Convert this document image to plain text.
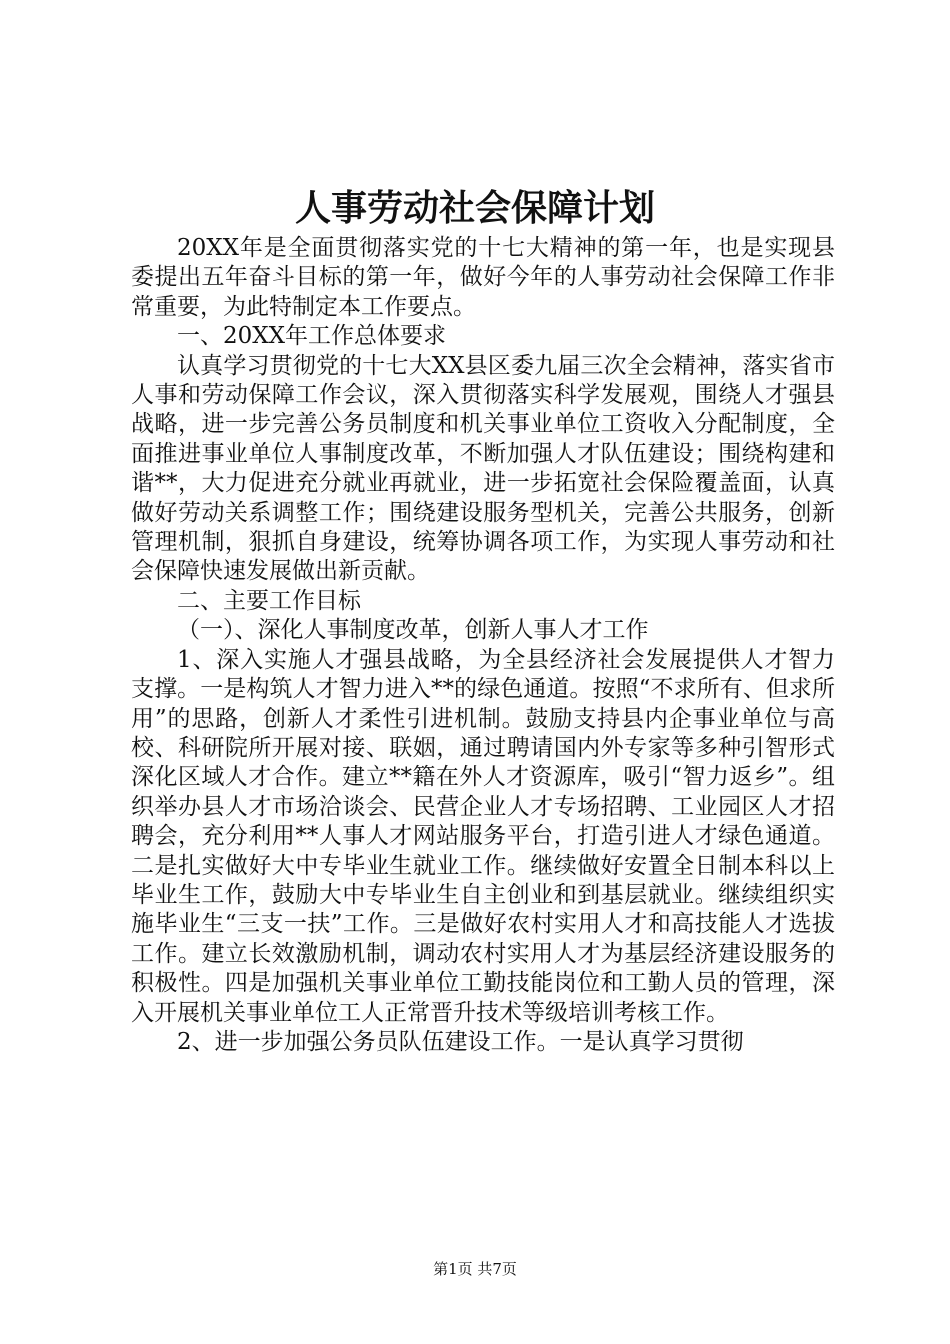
人事劳动社会保障计划

20XX年是全面贯彻落实党的十七大精神的第一年，也是实现县委提出五年奋斗目标的第一年，做好今年的人事劳动社会保障工作非常重要，为此特制定本工作要点。

一、20XX年工作总体要求

认真学习贯彻党的十七大XX县区委九届三次全会精神，落实省市人事和劳动保障工作会议，深入贯彻落实科学发展观，围绕人才强县战略，进一步完善公务员制度和机关事业单位工资收入分配制度，全面推进事业单位人事制度改革，不断加强人才队伍建设；围绕构建和谐**，大力促进充分就业再就业，进一步拓宽社会保险覆盖面，认真做好劳动关系调整工作；围绕建设服务型机关，完善公共服务，创新管理机制，狠抓自身建设，统筹协调各项工作，为实现人事劳动和社会保障快速发展做出新贡献。

二、主要工作目标

（一）、深化人事制度改革，创新人事人才工作

1、深入实施人才强县战略，为全县经济社会发展提供人才智力支撑。一是构筑人才智力进入**的绿色通道。按照“不求所有、但求所用”的思路，创新人才柔性引进机制。鼓励支持县内企事业单位与高校、科研院所开展对接、联姻，通过聘请国内外专家等多种引智形式深化区域人才合作。建立**籍在外人才资源库，吸引“智力返乡”。组织举办县人才市场洽谈会、民营企业人才专场招聘、工业园区人才招聘会，充分利用**人事人才网站服务平台，打造引进人才绿色通道。二是扎实做好大中专毕业生就业工作。继续做好安置全日制本科以上毕业生工作，鼓励大中专毕业生自主创业和到基层就业。继续组织实施毕业生“三支一扶”工作。三是做好农村实用人才和高技能人才选拔工作。建立长效激励机制，调动农村实用人才为基层经济建设服务的积极性。四是加强机关事业单位工勤技能岗位和工勤人员的管理，深入开展机关事业单位工人正常晋升技术等级培训考核工作。

2、进一步加强公务员队伍建设工作。一是认真学习贯彻

第1页 共7页
